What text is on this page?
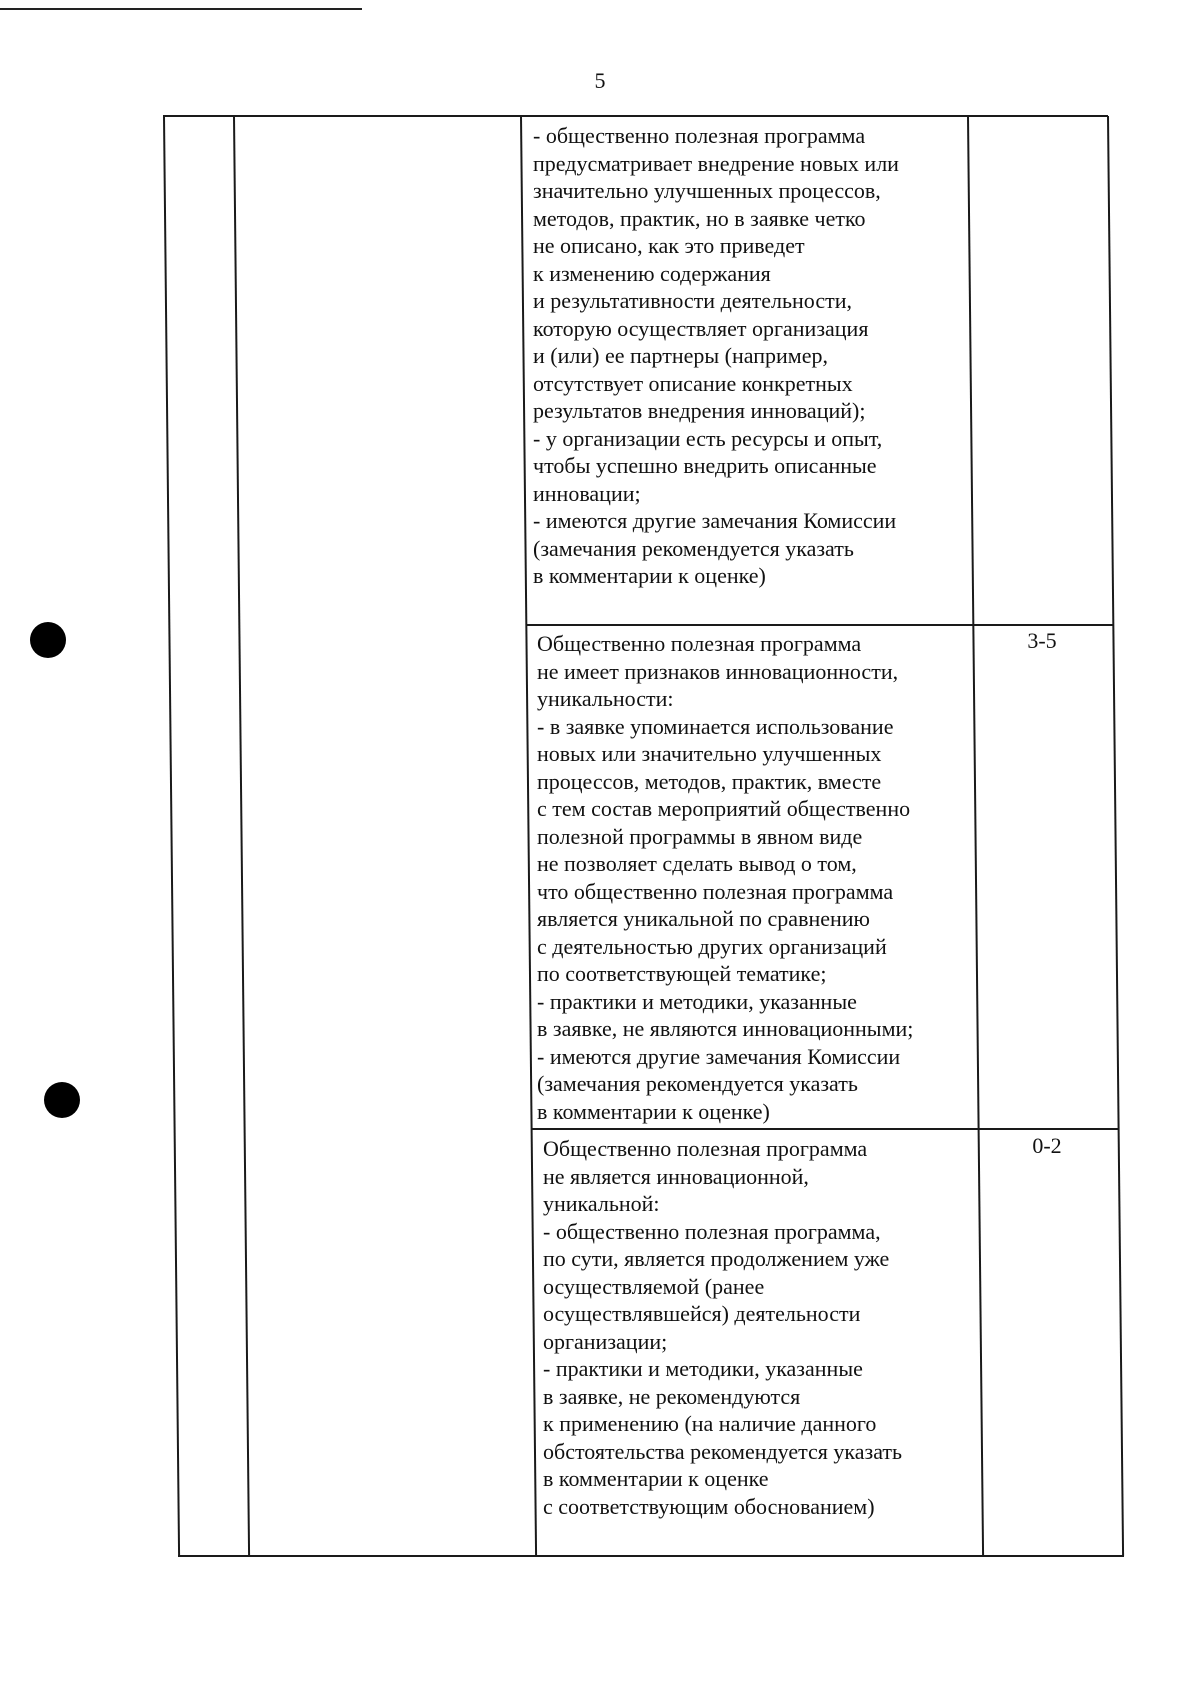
5
- общественно полезная программа
предусматривает внедрение новых или
значительно улучшенных процессов,
методов, практик, но в заявке четко
не описано, как это приведет
к изменению содержания
и результативности деятельности,
которую осуществляет организация
и (или) ее партнеры (например,
отсутствует описание конкретных
результатов внедрения инноваций);
- у организации есть ресурсы и опыт,
чтобы успешно внедрить описанные
инновации;
- имеются другие замечания Комиссии
(замечания рекомендуется указать
в комментарии к оценке)
Общественно полезная программа
не имеет признаков инновационности,
уникальности:
- в заявке упоминается использование
новых или значительно улучшенных
процессов, методов, практик, вместе
с тем состав мероприятий общественно
полезной программы в явном виде
не позволяет сделать вывод о том,
что общественно полезная программа
является уникальной по сравнению
с деятельностью других организаций
по соответствующей тематике;
- практики и методики, указанные
в заявке, не являются инновационными;
- имеются другие замечания Комиссии
(замечания рекомендуется указать
в комментарии к оценке)
3-5
Общественно полезная программа
не является инновационной,
уникальной:
- общественно полезная программа,
по сути, является продолжением уже
осуществляемой (ранее
осуществлявшейся) деятельности
организации;
- практики и методики, указанные
в заявке, не рекомендуются
к применению (на наличие данного
обстоятельства рекомендуется указать
в комментарии к оценке
с соответствующим обоснованием)
0-2
